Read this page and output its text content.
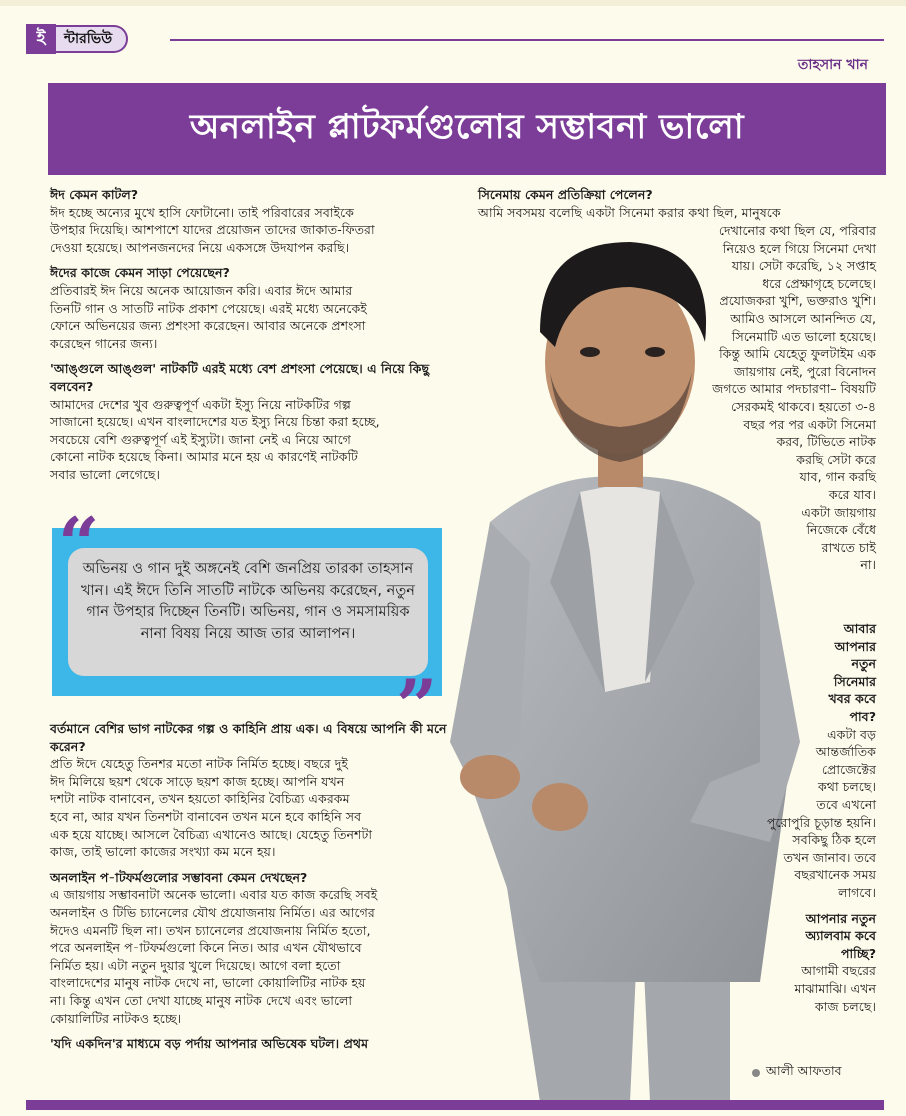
ই	ন্টারভিউ
তাহসান খান
অনলাইন প্লাটফর্মগুলোর সম্ভাবনা ভালো
ঈদ কেমন কাটল?
ঈদ হচ্ছে অন্যের মুখে হাসি ফোটানো। তাই পরিবারের সবাইকে
উপহার দিয়েছি। আশপাশে যাদের প্রয়োজন তাদের জাকাত-ফিতরা
দেওয়া হয়েছে। আপনজনদের নিয়ে একসঙ্গে উদযাপন করছি।
ঈদের কাজে কেমন সাড়া পেয়েছেন?
প্রতিবারই ঈদ নিয়ে অনেক আয়োজন করি। এবার ঈদে আমার
তিনটি গান ও সাতটি নাটক প্রকাশ পেয়েছে। এরই মধ্যে অনেকেই
ফোনে অভিনয়ের জন্য প্রশংসা করেছেন। আবার অনেকে প্রশংসা
করেছেন গানের জন্য।
'আঙ্গুলে আঙ্গুল' নাটকটি এরই মধ্যে বেশ প্রশংসা পেয়েছে। এ নিয়ে কিছু বলবেন?
আমাদের দেশের খুব গুরুত্বপূর্ণ একটা ইস্যু নিয়ে নাটকটির গল্প
সাজানো হয়েছে। এখন বাংলাদেশের যত ইস্যু নিয়ে চিন্তা করা হচ্ছে,
সবচেয়ে বেশি গুরুত্বপূর্ণ এই ইস্যুটা। জানা নেই এ নিয়ে আগে
কোনো নাটক হয়েছে কিনা। আমার মনে হয় এ কারণেই নাটকটি
সবার ভালো লেগেছে।
অভিনয় ও গান দুই অঙ্গনেই বেশি জনপ্রিয় তারকা তাহসান খান। এই ঈদে তিনি সাতটি নাটকে অভিনয় করেছেন, নতুন গান উপহার দিচ্ছেন তিনটি। অভিনয়, গান ও সমসাময়িক নানা বিষয় নিয়ে আজ তার আলাপন।
“
”
বর্তমানে বেশির ভাগ নাটকের গল্প ও কাহিনি প্রায় এক। এ বিষয়ে আপনি কী মনে করেন?
প্রতি ঈদে যেহেতু তিনশর মতো নাটক নির্মিত হচ্ছে। বছরে দুই
ঈদ মিলিয়ে ছয়শ থেকে সাড়ে ছয়শ কাজ হচ্ছে। আপনি যখন
দশটা নাটক বানাবেন, তখন হয়তো কাহিনির বৈচিত্র্য একরকম
হবে না, আর যখন তিনশটা বানাবেন তখন মনে হবে কাহিনি সব
এক হয়ে যাচ্ছে। আসলে বৈচিত্র্য এখানেও আছে। যেহেতু তিনশটা
কাজ, তাই ভালো কাজের সংখ্যা কম মনে হয়।
অনলাইন প-াটফর্মগুলোর সম্ভাবনা কেমন দেখছেন?
এ জায়গায় সম্ভাবনাটা অনেক ভালো। এবার যত কাজ করেছি সবই
অনলাইন ও টিভি চ্যানেলের যৌথ প্রযোজনায় নির্মিত। এর আগের
ঈদেও এমনটি ছিল না। তখন চ্যানেলের প্রযোজনায় নির্মিত হতো,
পরে অনলাইন প-াটফর্মগুলো কিনে নিত। আর এখন যৌথভাবে
নির্মিত হয়। এটা নতুন দুয়ার খুলে দিয়েছে। আগে বলা হতো
বাংলাদেশের মানুষ নাটক দেখে না, ভালো কোয়ালিটির নাটক হয়
না। কিন্তু এখন তো দেখা যাচ্ছে মানুষ নাটক দেখে এবং ভালো
কোয়ালিটির নাটকও হচ্ছে।
'যদি একদিন'র মাধ্যমে বড় পর্দায় আপনার অভিষেক ঘটল। প্রথম
সিনেমায় কেমন প্রতিক্রিয়া পেলেন?
আমি সবসময় বলেছি একটা সিনেমা করার কথা ছিল, মানুষকে
দেখানোর কথা ছিল যে, পরিবার
নিয়েও হলে গিয়ে সিনেমা দেখা
যায়। সেটা করেছি, ১২ সপ্তাহ
ধরে প্রেক্ষাগৃহে চলেছে।
প্রযোজকরা খুশি, ভক্তরাও খুশি।
আমিও আসলে আনন্দিত যে,
সিনেমাটি এত ভালো হয়েছে।
কিন্তু আমি যেহেতু ফুলটাইম এক
জায়গায় নেই, পুরো বিনোদন
জগতে আমার পদচারণা– বিষয়টি
সেরকমই থাকবে। হয়তো ৩-৪
বছর পর পর একটা সিনেমা
করব, টিভিতে নাটক
করছি সেটা করে
যাব, গান করছি
করে যাব।
একটা জায়গায়
নিজেকে বেঁধে
রাখতে চাই
না।
আবার
আপনার
নতুন
সিনেমার
খবর কবে
পাব?
একটা বড়
আন্তর্জাতিক
প্রোজেক্টের
কথা চলছে।
তবে এখনো
পুরোপুরি চূড়ান্ত হয়নি।
সবকিছু ঠিক হলে
তখন জানাব। তবে
বছরখানেক সময়
লাগবে।
আপনার নতুন
অ্যালবাম কবে
পাচ্ছি?
আগামী বছরের
মাঝামাঝি। এখন
কাজ চলছে।
আলী আফতাব
